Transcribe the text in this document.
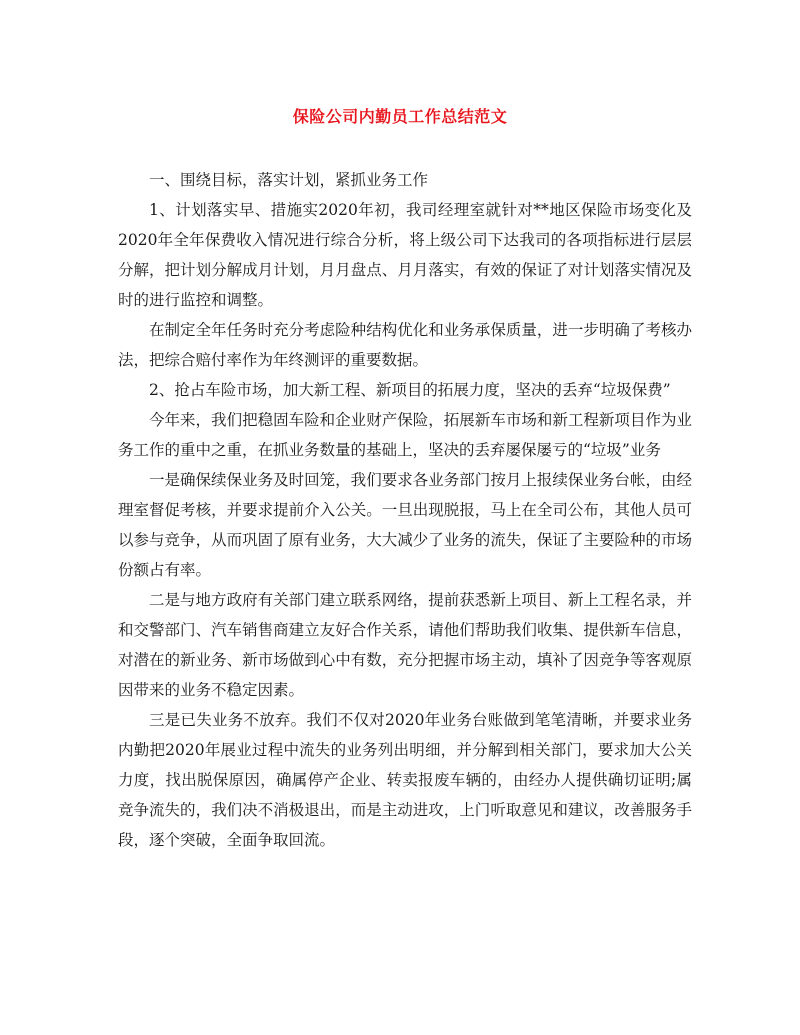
保险公司内勤员工作总结范文

一、围绕目标，落实计划，紧抓业务工作

1、计划落实早、措施实2020年初，我司经理室就针对**地区保险市场变化及2020年全年保费收入情况进行综合分析，将上级公司下达我司的各项指标进行层层分解，把计划分解成月计划，月月盘点、月月落实，有效的保证了对计划落实情况及时的进行监控和调整。

在制定全年任务时充分考虑险种结构优化和业务承保质量，进一步明确了考核办法，把综合赔付率作为年终测评的重要数据。

2、抢占车险市场，加大新工程、新项目的拓展力度，坚决的丢弃“垃圾保费”

今年来，我们把稳固车险和企业财产保险，拓展新车市场和新工程新项目作为业务工作的重中之重，在抓业务数量的基础上，坚决的丢弃屡保屡亏的“垃圾”业务

一是确保续保业务及时回笼，我们要求各业务部门按月上报续保业务台帐，由经理室督促考核，并要求提前介入公关。一旦出现脱报，马上在全司公布，其他人员可以参与竞争，从而巩固了原有业务，大大减少了业务的流失，保证了主要险种的市场份额占有率。

二是与地方政府有关部门建立联系网络，提前获悉新上项目、新上工程名录，并和交警部门、汽车销售商建立友好合作关系，请他们帮助我们收集、提供新车信息，对潜在的新业务、新市场做到心中有数，充分把握市场主动，填补了因竞争等客观原因带来的业务不稳定因素。

三是已失业务不放弃。我们不仅对2020年业务台账做到笔笔清晰，并要求业务内勤把2020年展业过程中流失的业务列出明细，并分解到相关部门，要求加大公关力度，找出脱保原因，确属停产企业、转卖报废车辆的，由经办人提供确切证明;属竞争流失的，我们决不消极退出，而是主动进攻，上门听取意见和建议，改善服务手段，逐个突破，全面争取回流。
